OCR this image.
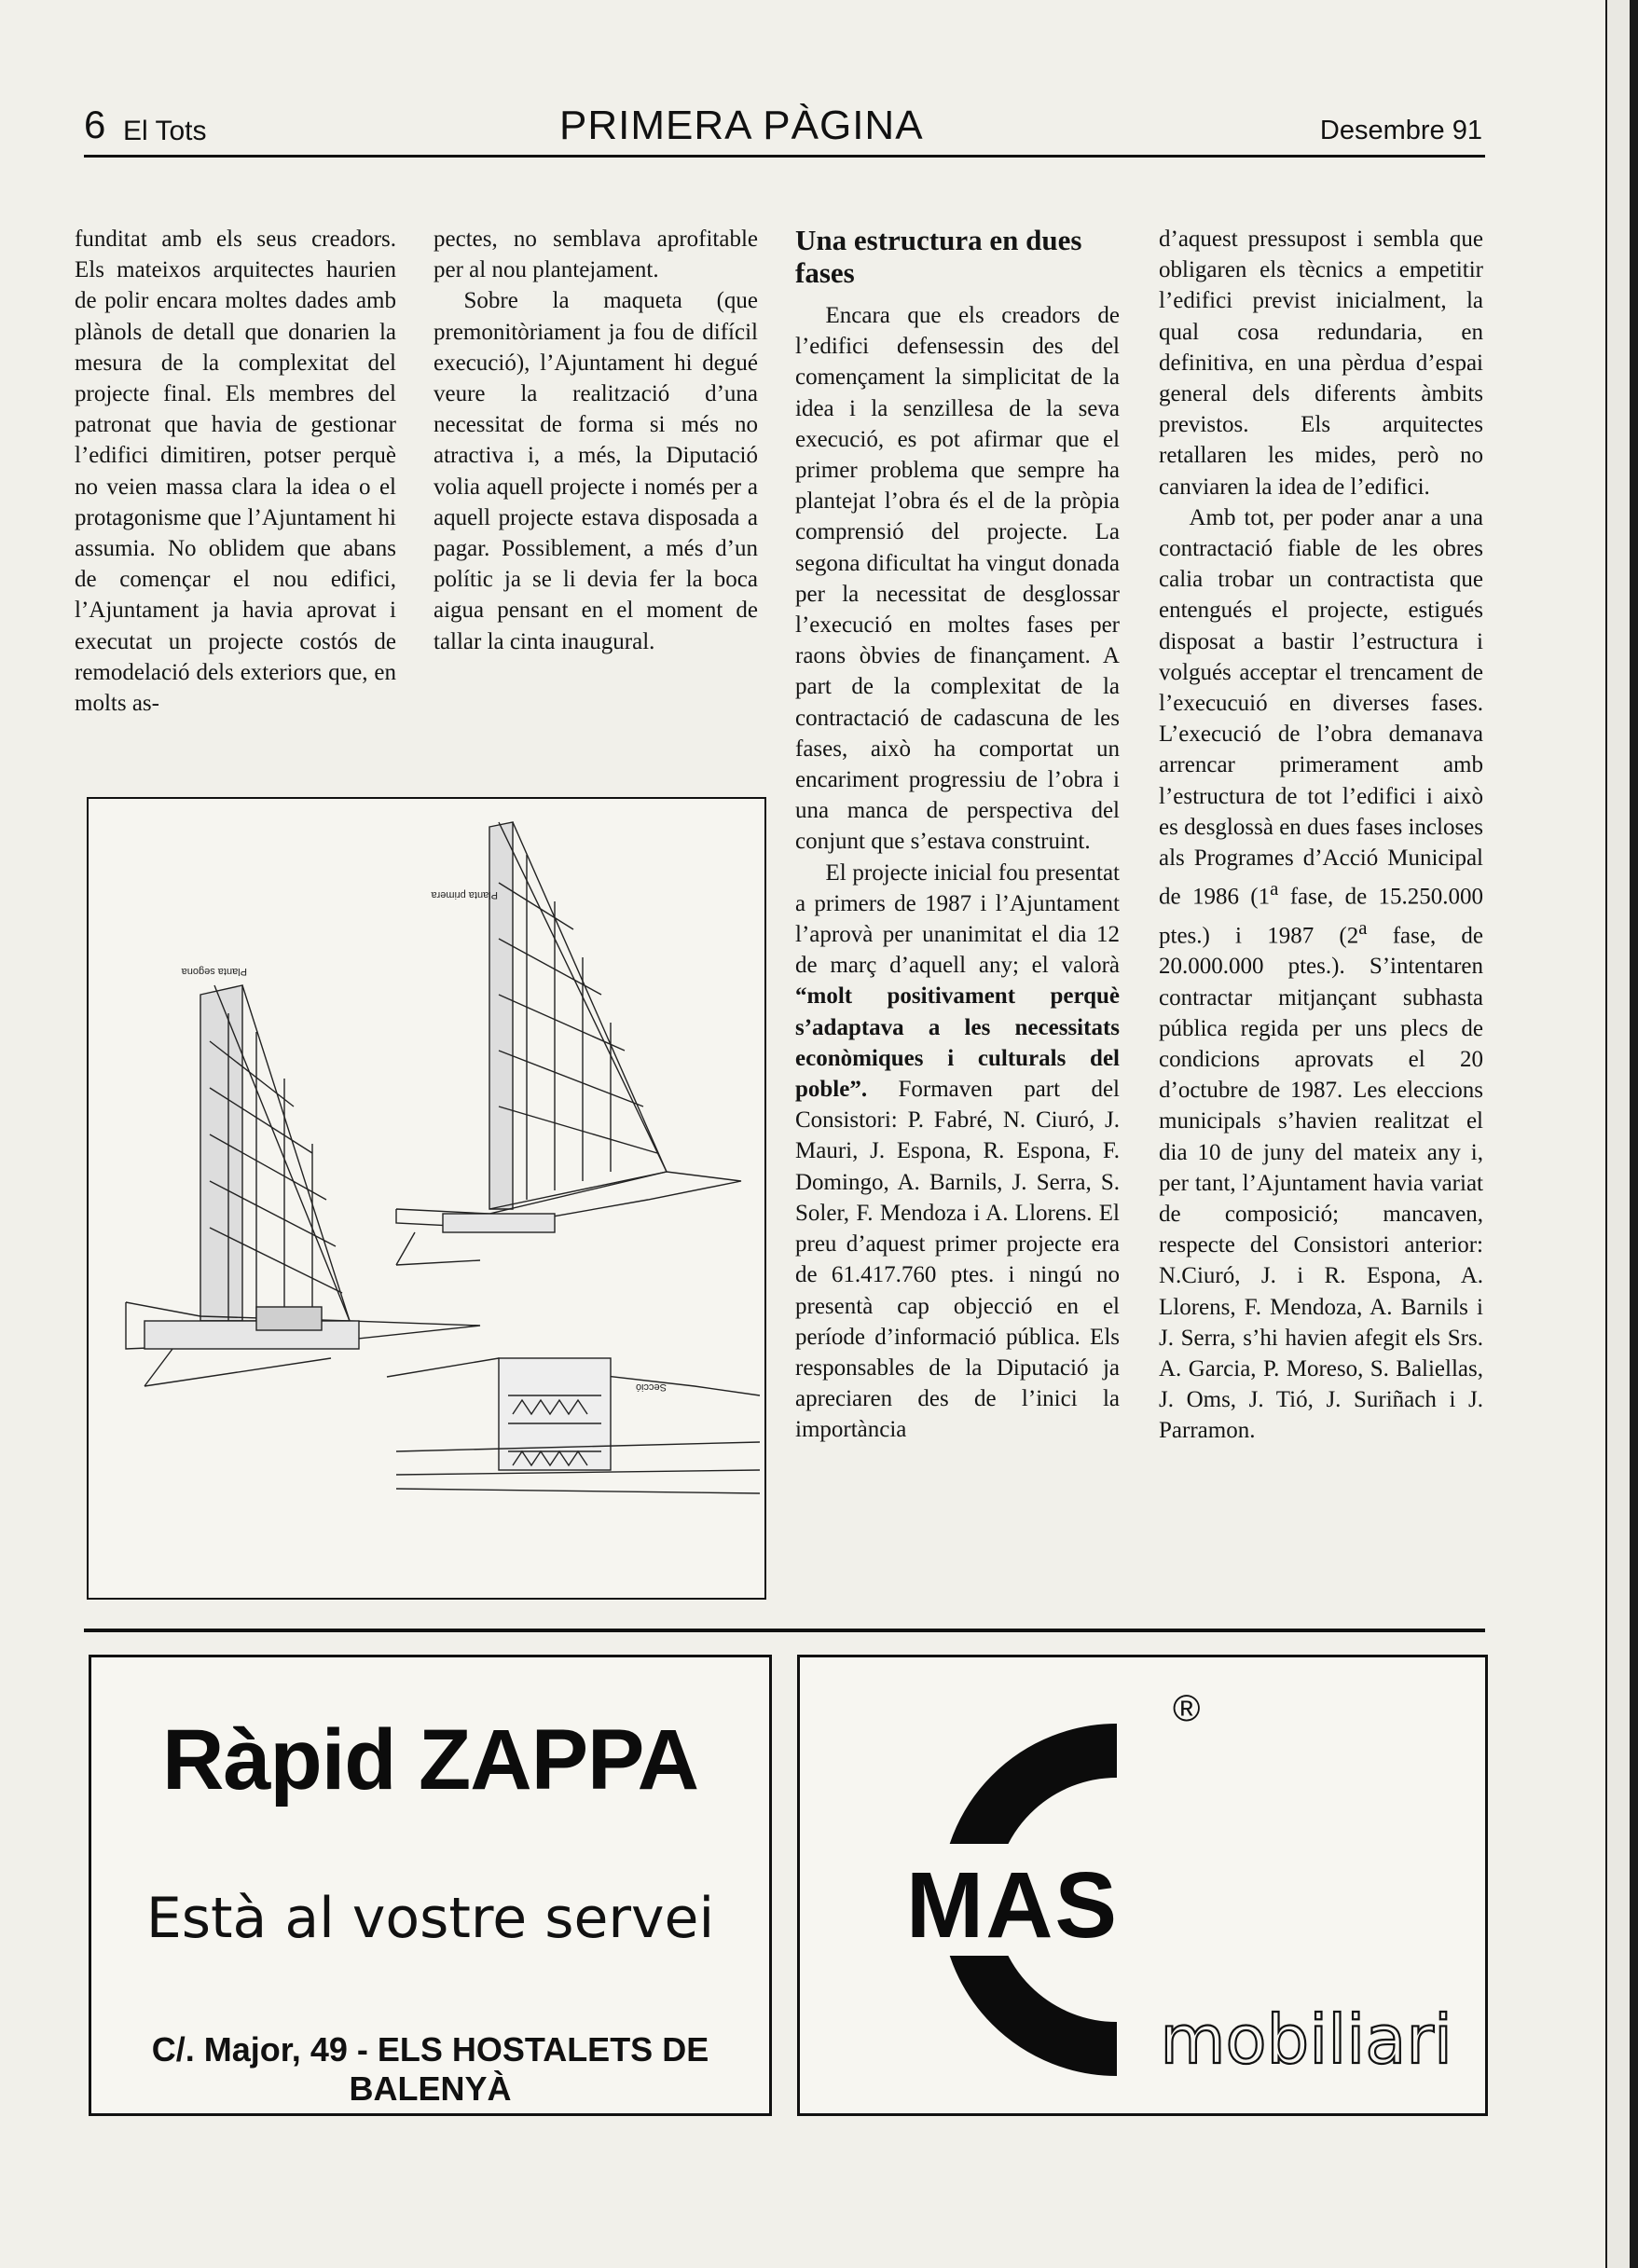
6 El Tots	PRIMERA PÀGINA	Desembre 91

funditat amb els seus creadors. Els mateixos arquitectes haurien de polir encara moltes dades amb plànols de detall que donarien la mesura de la complexitat del projecte final. Els membres del patronat que havia de gestionar l’edifici dimitiren, potser perquè no veien massa clara la idea o el protagonisme que l’Ajuntament hi assumia. No oblidem que abans de començar el nou edifici, l’Ajuntament ja havia aprovat i executat un projecte costós de remodelació dels exteriors que, en molts as-

pectes, no semblava aprofitable per al nou plantejament.

Sobre la maqueta (que premonitòriament ja fou de difícil execució), l’Ajuntament hi degué veure la realització d’una necessitat de forma si més no atractiva i, a més, la Diputació volia aquell projecte i només per a aquell projecte estava disposada a pagar. Possiblement, a més d’un polític ja se li devia fer la boca aigua pensant en el moment de tallar la cinta inaugural.

Una estructura en dues fases

Encara que els creadors de l’edifici defensessin des del començament la simplicitat de la idea i la senzillesa de la seva execució, es pot afirmar que el primer problema que sempre ha plantejat l’obra és el de la pròpia comprensió del projecte. La segona dificultat ha vingut donada per la necessitat de desglossar l’execució en moltes fases per raons òbvies de finançament. A part de la complexitat de la contractació de cadascuna de les fases, això ha comportat un encariment progressiu de l’obra i una manca de perspectiva del conjunt que s’estava construint.

El projecte inicial fou presentat a primers de 1987 i l’Ajuntament l’aprovà per unanimitat el dia 12 de març d’aquell any; el valorà “molt positivament perquè s’adaptava a les necessitats econòmiques i culturals del poble”. Formaven part del Consistori: P. Fabré, N. Ciuró, J. Mauri, J. Espona, R. Espona, F. Domingo, A. Barnils, J. Serra, S. Soler, F. Mendoza i A. Llorens. El preu d’aquest primer projecte era de 61.417.760 ptes. i ningú no presentà cap objecció en el període d’informació pública. Els responsables de la Diputació ja apreciaren des de l’inici la importància

d’aquest pressupost i sembla que obligaren els tècnics a empetitir l’edifici previst inicialment, la qual cosa redundaria, en definitiva, en una pèrdua d’espai general dels diferents àmbits previstos. Els arquitectes retallaren les mides, però no canviaren la idea de l’edifici.

Amb tot, per poder anar a una contractació fiable de les obres calia trobar un contractista que entengués el projecte, estigués disposat a bastir l’estructura i volgués acceptar el trencament de l’execucuió en diverses fases. L’execució de l’obra demanava arrencar primerament amb l’estructura de tot l’edifici i això es desglossà en dues fases incloses als Programes d’Acció Municipal de 1986 (1$^a$ fase, de 15.250.000 ptes.) i 1987 (2$^a$ fase, de 20.000.000 ptes.). S’intentaren contractar mitjançant subhasta pública regida per uns plecs de condicions aprovats el 20 d’octubre de 1987. Les eleccions municipals s’havien realitzat el dia 10 de juny del mateix any i, per tant, l’Ajuntament havia variat de composició; mancaven, respecte del Consistori anterior: N.Ciuró, J. i R. Espona, A. Llorens, F. Mendoza, A. Barnils i J. Serra, s’hi havien afegit els Srs. A. Garcia, P. Moreso, S. Baliellas, J. Oms, J. Tió, J. Suriñach i J. Parramon.

Planta segona
Planta primera
Secció
Ràpid ZAPPA
Està al vostre servei
C/. Major, 49 - ELS HOSTALETS DE BALENYÀ
MAS
®
mobiliari
